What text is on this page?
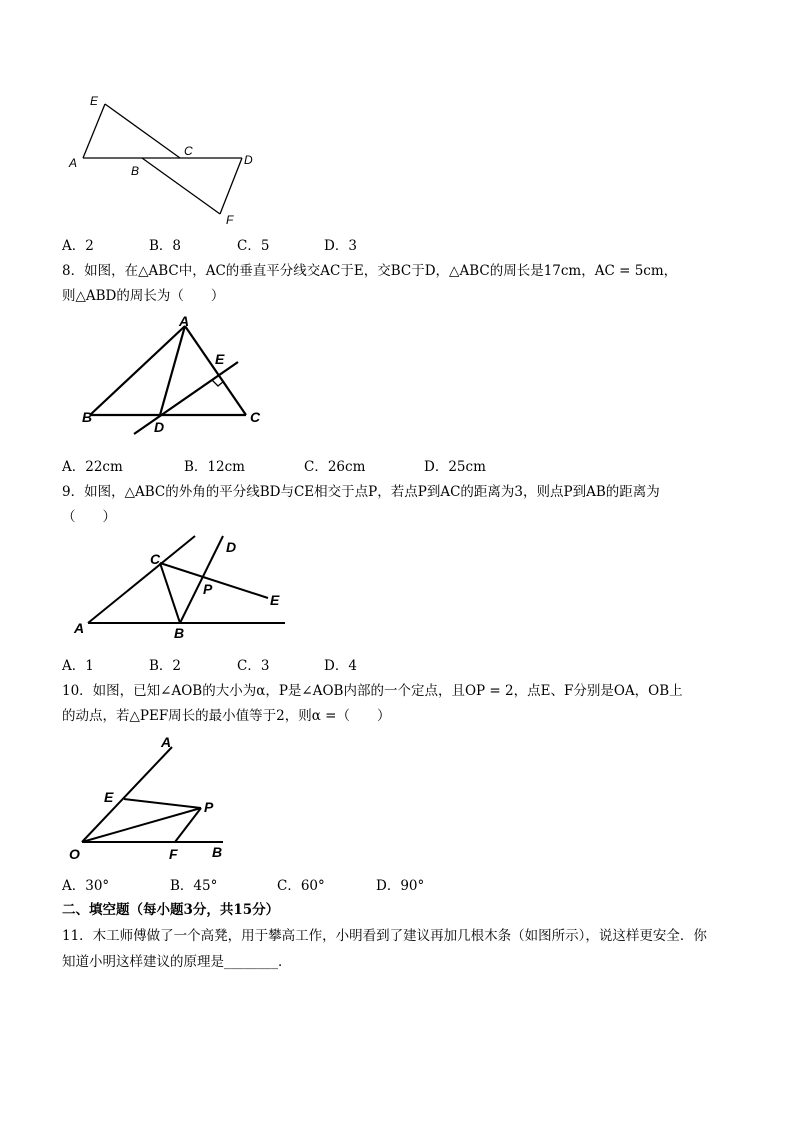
E
A
C
D
B
F
A．2	B．8	C．5	D．3
8．如图，在△ABC中，AC的垂直平分线交AC于E，交BC于D，△ABC的周长是17cm，AC = 5cm，
则△ABD的周长为（　　）
A
B	C
D
E
A．22cm	B．12cm	C．26cm	D．25cm
9．如图，△ABC的外角的平分线BD与CE相交于点P，若点P到AC的距离为3，则点P到AB的距离为
（　　）
C
D
P
E
A	B
A．1	B．2	C．3	D．4
10．如图，已知∠AOB的大小为α，P是∠AOB内部的一个定点，且OP = 2，点E、F分别是OA，OB上
的动点，若△PEF周长的最小值等于2，则α =（　　）
A
E
P
O	F B
A．30°	B．45°	C．60°	D．90°
二、填空题（每小题3分，共15分）
11．木工师傅做了一个高凳，用于攀高工作，小明看到了建议再加几根木条（如图所示），说这样更安全．你
知道小明这样建议的原理是________．
